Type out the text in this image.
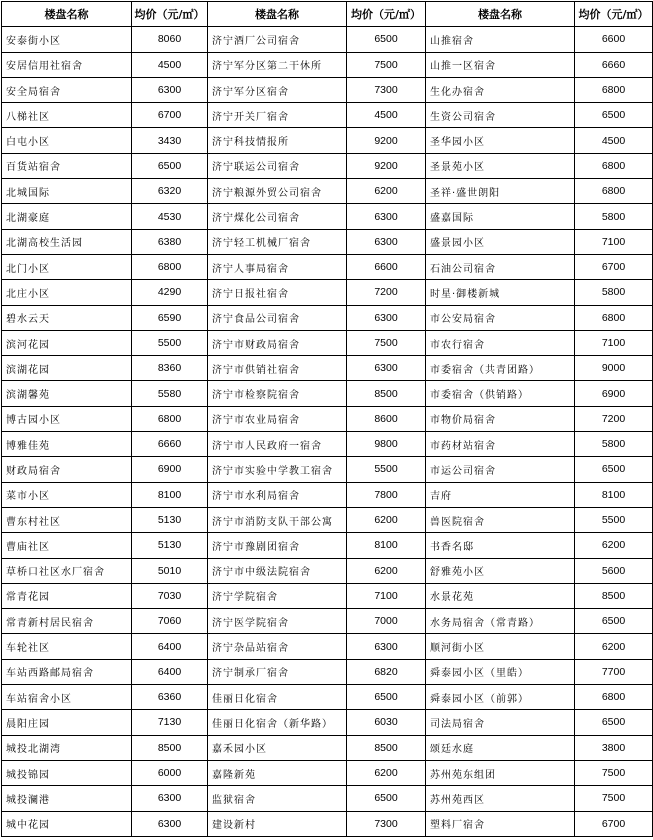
楼盘名称	均价（元/㎡）	楼盘名称	均价（元/㎡）	楼盘名称	均价（元/㎡）
安泰街小区	8060	济宁酒厂公司宿舍	6500	山推宿舍	6600
安居信用社宿舍	4500	济宁军分区第二干休所	7500	山推一区宿舍	6660
安全局宿舍	6300	济宁军分区宿舍	7300	生化办宿舍	6800
八梯社区	6700	济宁开关厂宿舍	4500	生资公司宿舍	6500
白屯小区	3430	济宁科技情报所	9200	圣华园小区	4500
百货站宿舍	6500	济宁联运公司宿舍	9200	圣景苑小区	6800
北城国际	6320	济宁粮源外贸公司宿舍	6200	圣祥·盛世朗阳	6800
北湖豪庭	4530	济宁煤化公司宿舍	6300	盛嘉国际	5800
北湖高校生活园	6380	济宁轻工机械厂宿舍	6300	盛景园小区	7100
北门小区	6800	济宁人事局宿舍	6600	石油公司宿舍	6700
北庄小区	4290	济宁日报社宿舍	7200	时星·御楼新城	5800
碧水云天	6590	济宁食品公司宿舍	6300	市公安局宿舍	6800
滨河花园	5500	济宁市财政局宿舍	7500	市农行宿舍	7100
滨湖花园	8360	济宁市供销社宿舍	6300	市委宿舍（共青团路）	9000
滨湖馨苑	5580	济宁市检察院宿舍	8500	市委宿舍（供销路）	6900
博古园小区	6800	济宁市农业局宿舍	8600	市物价局宿舍	7200
博雅佳苑	6660	济宁市人民政府一宿舍	9800	市药材站宿舍	5800
财政局宿舍	6900	济宁市实验中学教工宿舍	5500	市运公司宿舍	6500
菜市小区	8100	济宁市水利局宿舍	7800	吉府	8100
曹东村社区	5130	济宁市消防支队干部公寓	6200	兽医院宿舍	5500
曹庙社区	5130	济宁市豫剧团宿舍	8100	书香名邸	6200
草桥口社区水厂宿舍	5010	济宁市中级法院宿舍	6200	舒雅苑小区	5600
常青花园	7030	济宁学院宿舍	7100	水景花苑	8500
常青新村居民宿舍	7060	济宁医学院宿舍	7000	水务局宿舍（常青路）	6500
车轮社区	6400	济宁杂品站宿舍	6300	顺河街小区	6200
车站西路邮局宿舍	6400	济宁制承厂宿舍	6820	舜泰园小区（里皓）	7700
车站宿舍小区	6360	佳丽日化宿舍	6500	舜泰园小区（前郭）	6800
晨阳庄园	7130	佳丽日化宿舍（新华路）	6030	司法局宿舍	6500
城投北湖湾	8500	嘉禾园小区	8500	颂廷水庭	3800
城投锦园	6000	嘉隆新苑	6200	苏州苑东组团	7500
城投澜港	6300	监狱宿舍	6500	苏州苑西区	7500
城中花园	6300	建设新村	7300	塑料厂宿舍	6700
